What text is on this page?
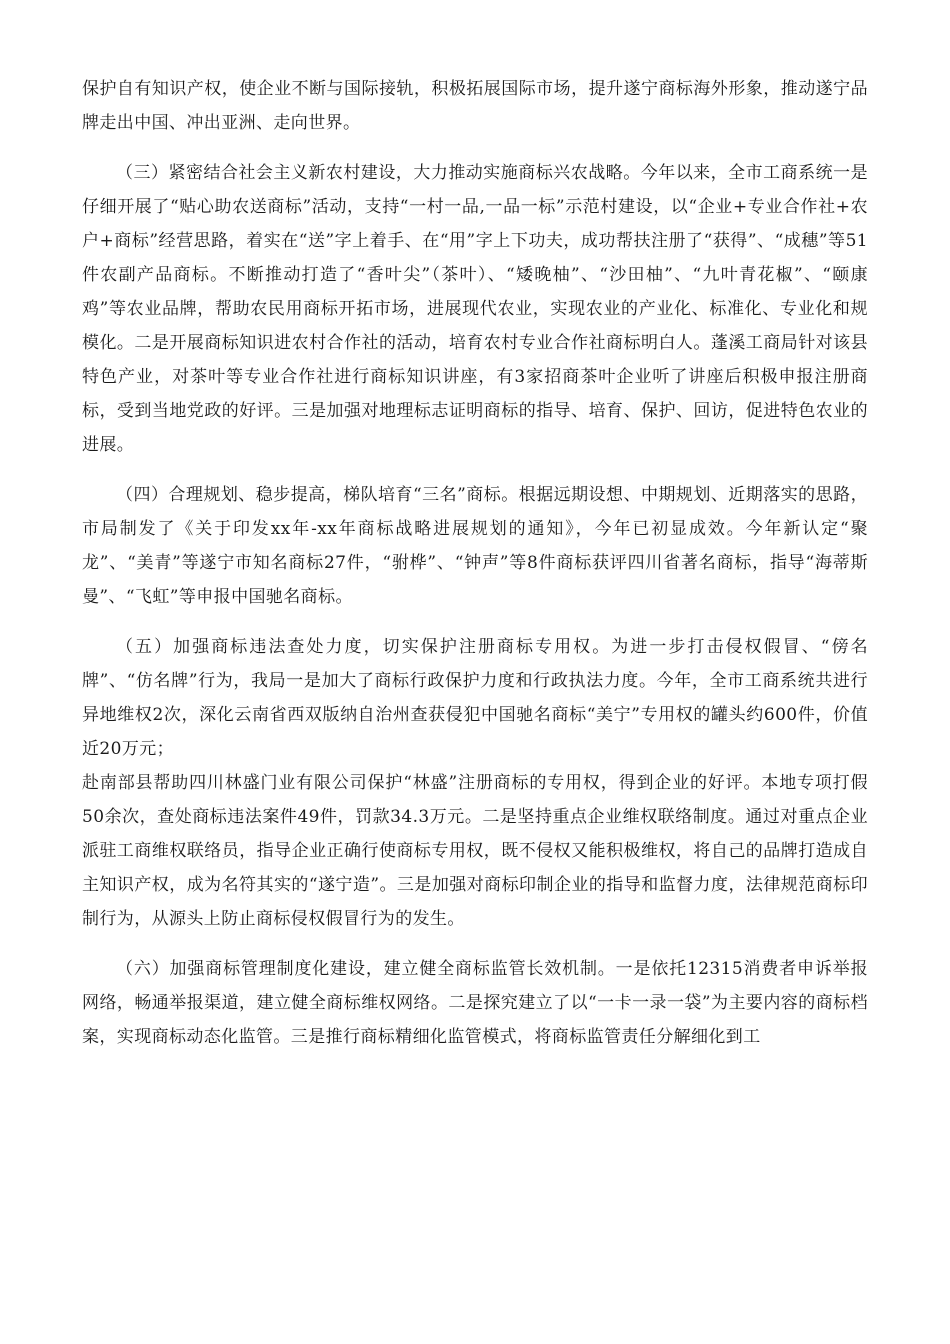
保护自有知识产权，使企业不断与国际接轨，积极拓展国际市场，提升遂宁商标海外形象，推动遂宁品牌走出中国、冲出亚洲、走向世界。

（三）紧密结合社会主义新农村建设，大力推动实施商标兴农战略。今年以来，全市工商系统一是仔细开展了“贴心助农送商标”活动，支持“一村一品,一品一标”示范村建设，以“企业+专业合作社+农户+商标”经营思路，着实在“送”字上着手、在“用”字上下功夫，成功帮扶注册了“获得”、“成穗”等51件农副产品商标。不断推动打造了“香叶尖”（茶叶）、“矮晚柚”、“沙田柚”、“九叶青花椒”、“颐康鸡”等农业品牌，帮助农民用商标开拓市场，进展现代农业，实现农业的产业化、标准化、专业化和规模化。二是开展商标知识进农村合作社的活动，培育农村专业合作社商标明白人。蓬溪工商局针对该县特色产业，对茶叶等专业合作社进行商标知识讲座，有3家招商茶叶企业听了讲座后积极申报注册商标，受到当地党政的好评。三是加强对地理标志证明商标的指导、培育、保护、回访，促进特色农业的进展。

（四）合理规划、稳步提高，梯队培育“三名”商标。根据远期设想、中期规划、近期落实的思路，市局制发了《关于印发xx年-xx年商标战略进展规划的通知》，今年已初显成效。今年新认定“聚龙”、“美青”等遂宁市知名商标27件，“驸桦”、“钟声”等8件商标获评四川省著名商标，指导“海蒂斯曼”、“飞虹”等申报中国驰名商标。

（五）加强商标违法查处力度，切实保护注册商标专用权。为进一步打击侵权假冒、“傍名牌”、“仿名牌”行为，我局一是加大了商标行政保护力度和行政执法力度。今年，全市工商系统共进行异地维权2次，深化云南省西双版纳自治州查获侵犯中国驰名商标“美宁”专用权的罐头约600件，价值近20万元；

赴南部县帮助四川林盛门业有限公司保护“林盛”注册商标的专用权，得到企业的好评。本地专项打假50余次，查处商标违法案件49件，罚款34.3万元。二是坚持重点企业维权联络制度。通过对重点企业派驻工商维权联络员，指导企业正确行使商标专用权，既不侵权又能积极维权，将自己的品牌打造成自主知识产权，成为名符其实的“遂宁造”。三是加强对商标印制企业的指导和监督力度，法律规范商标印制行为，从源头上防止商标侵权假冒行为的发生。

（六）加强商标管理制度化建设，建立健全商标监管长效机制。一是依托12315消费者申诉举报网络，畅通举报渠道，建立健全商标维权网络。二是探究建立了以“一卡一录一袋”为主要内容的商标档案，实现商标动态化监管。三是推行商标精细化监管模式，将商标监管责任分解细化到工
